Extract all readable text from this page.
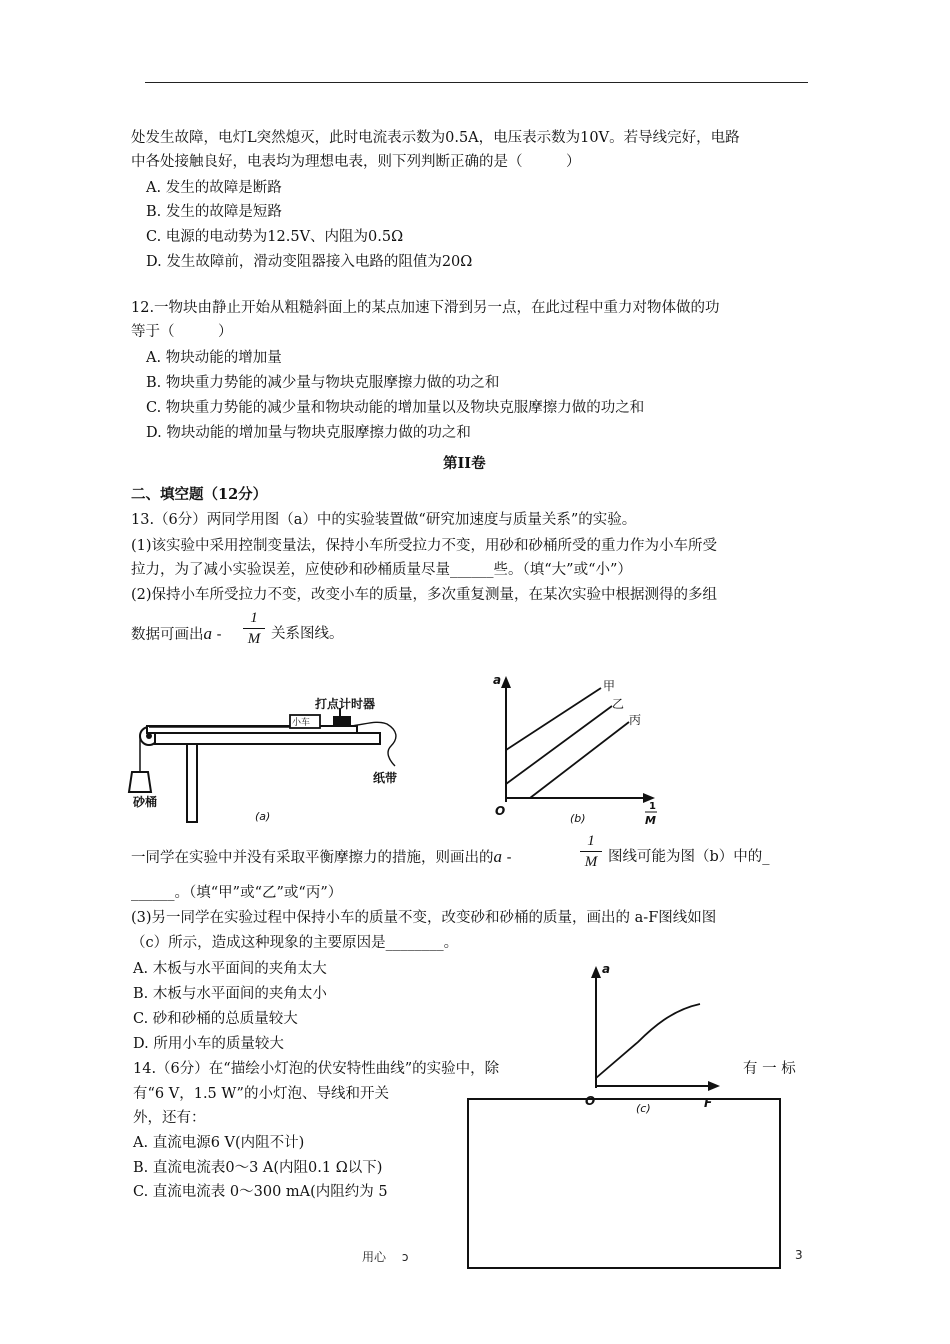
处发生故障，电灯L突然熄灭，此时电流表示数为0.5A，电压表示数为10V。若导线完好，电路
中各处接触良好，电表均为理想电表，则下列判断正确的是（　　　）
A. 发生的故障是断路
B. 发生的故障是短路
C. 电源的电动势为12.5V、内阻为0.5Ω
D. 发生故障前，滑动变阻器接入电路的阻值为20Ω
12.一物块由静止开始从粗糙斜面上的某点加速下滑到另一点，在此过程中重力对物体做的功
等于（　　　）
A. 物块动能的增加量
B. 物块重力势能的减少量与物块克服摩擦力做的功之和
C. 物块重力势能的减少量和物块动能的增加量以及物块克服摩擦力做的功之和
D. 物块动能的增加量与物块克服摩擦力做的功之和
第II卷
二、填空题（12分）
13.（6分）两同学用图（a）中的实验装置做“研究加速度与质量关系”的实验。
(1)该实验中采用控制变量法，保持小车所受拉力不变，用砂和砂桶所受的重力作为小车所受
拉力，为了减小实验误差，应使砂和砂桶质量尽量______些。（填“大”或“小”）
(2)保持小车所受拉力不变，改变小车的质量，多次重复测量，在某次实验中根据测得的多组
数据可画出a -
1
M 关系图线。
打点计时器
小车
纸带
砂桶
(a)
a
O	1
M
甲
乙
丙
(b)
一同学在实验中并没有采取平衡摩擦力的措施，则画出的a -
1
M 图线可能为图（b）中的_
______。（填“甲”或“乙”或“丙”）
(3)另一同学在实验过程中保持小车的质量不变，改变砂和砂桶的质量，画出的 a-F图线如图
（c）所示，造成这种现象的主要原因是________。
A. 木板与水平面间的夹角太大
B. 木板与水平面间的夹角太小
C. 砂和砂桶的总质量较大
D. 所用小车的质量较大
a
O	F
(c)
14.（6分）在“描绘小灯泡的伏安特性曲线”的实验中，除	有 一 标
有“6 V，1.5 W”的小灯泡、导线和开关
外，还有：
A. 直流电源6 V(内阻不计)
B. 直流电流表0～3 A(内阻0.1 Ω以下)
C. 直流电流表 0～300 mA(内阻约为 5
用心　 ɔ	3
